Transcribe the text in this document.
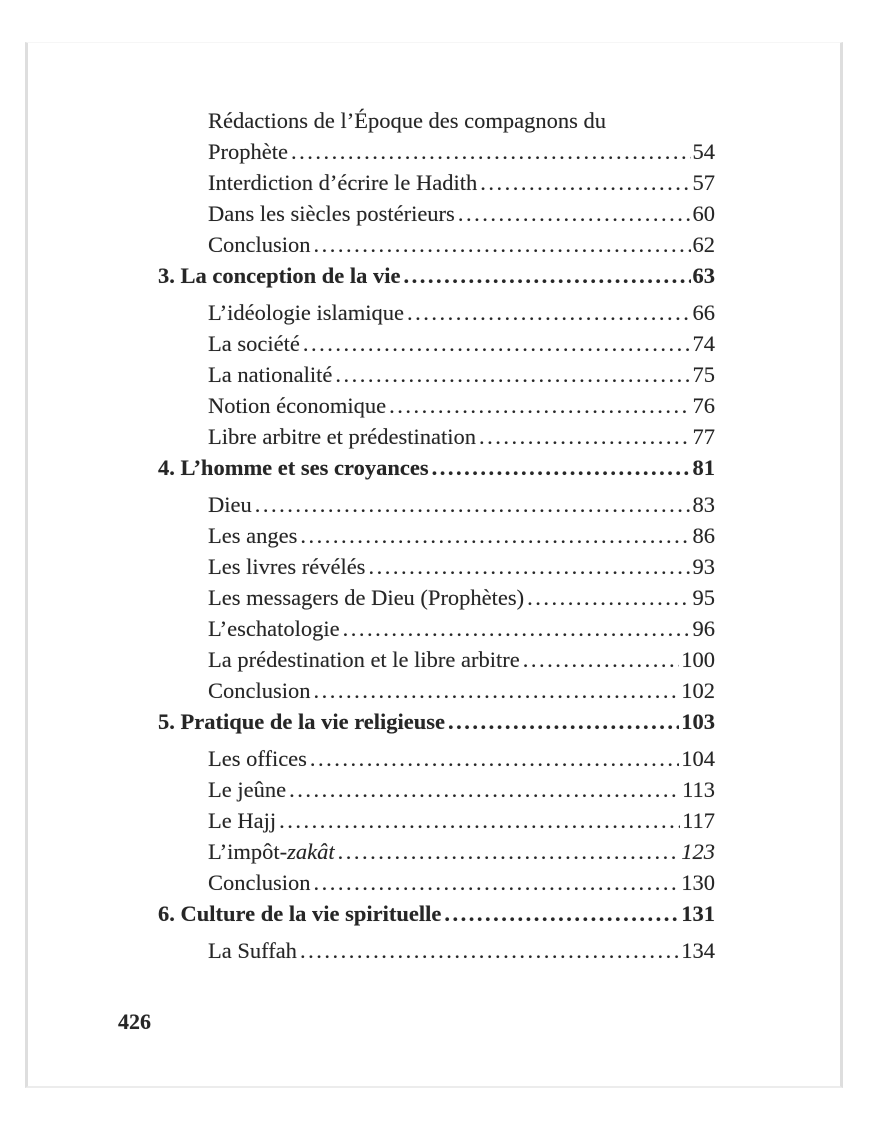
Rédactions de l’Époque des compagnons du
Prophète .....	54
Interdiction d’écrire le Hadith .....	57
Dans les siècles postérieurs .....	60
Conclusion .....	62
3. La conception de la vie .....	63
L’idéologie islamique .....	66
La société .....	74
La nationalité .....	75
Notion économique .....	76
Libre arbitre et prédestination .....	77
4. L’homme et ses croyances .....	81
Dieu .....	83
Les anges .....	86
Les livres révélés .....	93
Les messagers de Dieu (Prophètes) .....	95
L’eschatologie .....	96
La prédestination et le libre arbitre .....	100
Conclusion .....	102
5. Pratique de la vie religieuse .....	103
Les offices .....	104
Le jeûne .....	113
Le Hajj .....	117
L’impôt-zakât .....	123
Conclusion .....	130
6. Culture de la vie spirituelle .....	131
La Suffah .....	134
426
